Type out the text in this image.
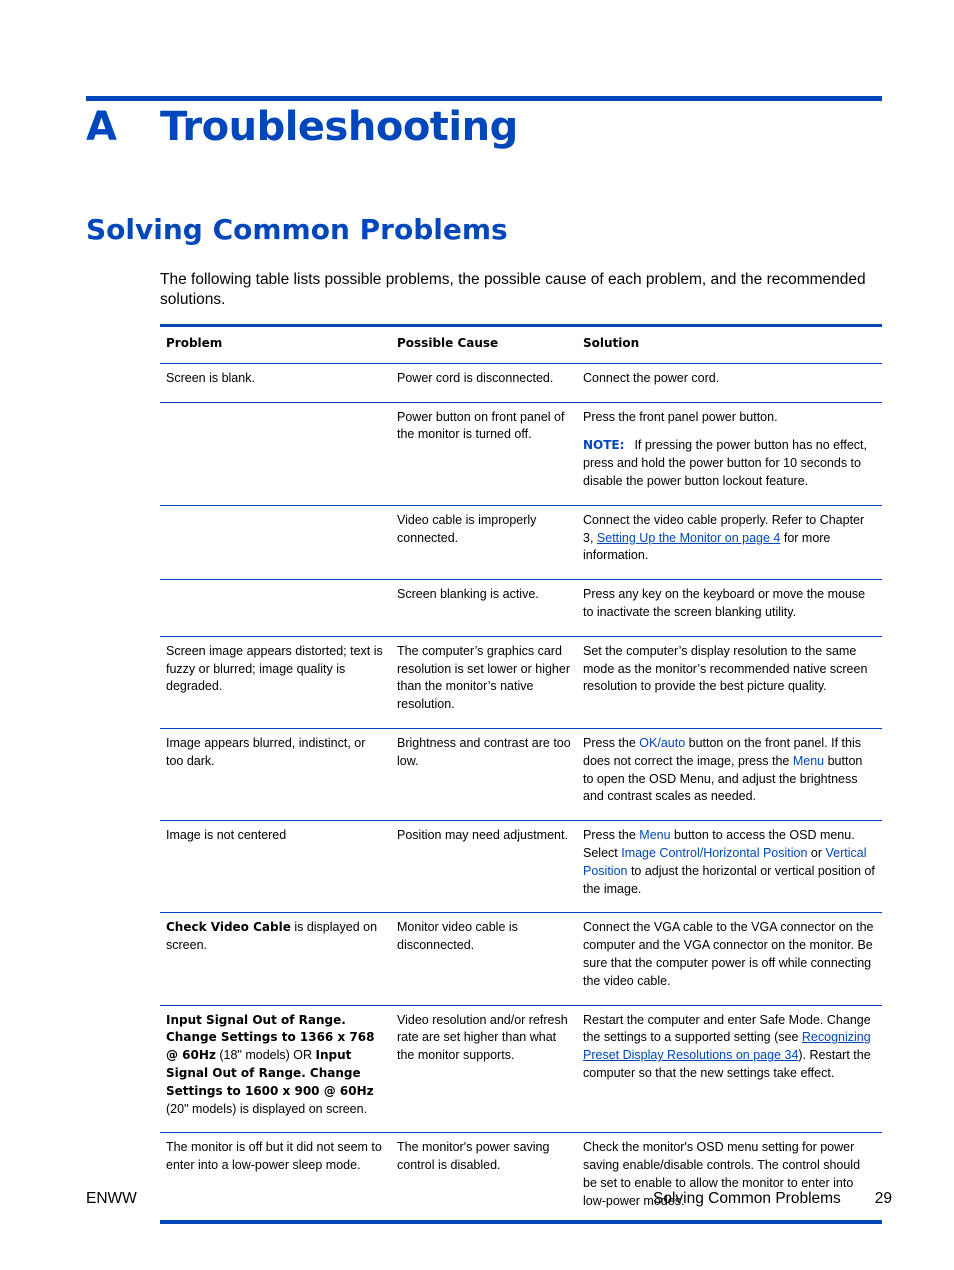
A Troubleshooting
Solving Common Problems

The following table lists possible problems, the possible cause of each problem, and the recommended solutions.

Problem	Possible Cause	Solution
Screen is blank.	Power cord is disconnected.	Connect the power cord.
	Power button on front panel of the monitor is turned off.	Press the front panel power button.
NOTE: If pressing the power button has no effect, press and hold the power button for 10 seconds to disable the power button lockout feature.

	Video cable is improperly connected.	Connect the video cable properly. Refer to Chapter 3, Setting Up the Monitor on page 4 for more information.
	Screen blanking is active.	Press any key on the keyboard or move the mouse to inactivate the screen blanking utility.
Screen image appears distorted; text is fuzzy or blurred; image quality is degraded.	The computer’s graphics card resolution is set lower or higher than the monitor’s native resolution.	Set the computer’s display resolution to the same mode as the monitor’s recommended native screen resolution to provide the best picture quality.
Image appears blurred, indistinct, or too dark.	Brightness and contrast are too low.	Press the OK/auto button on the front panel. If this does not correct the image, press the Menu button to open the OSD Menu, and adjust the brightness and contrast scales as needed.
Image is not centered	Position may need adjustment.	Press the Menu button to access the OSD menu. Select Image Control/Horizontal Position or Vertical Position to adjust the horizontal or vertical position of the image.
Check Video Cable is displayed on screen.	Monitor video cable is disconnected.	Connect the VGA cable to the VGA connector on the computer and the VGA connector on the monitor. Be sure that the computer power is off while connecting the video cable.
Input Signal Out of Range. Change Settings to 1366 x 768 @ 60Hz (18" models) OR Input Signal Out of Range. Change Settings to 1600 x 900 @ 60Hz (20" models) is displayed on screen.	Video resolution and/or refresh rate are set higher than what the monitor supports.	Restart the computer and enter Safe Mode. Change the settings to a supported setting (see Recognizing Preset Display Resolutions on page 34). Restart the computer so that the new settings take effect.
The monitor is off but it did not seem to enter into a low-power sleep mode.	The monitor's power saving control is disabled.	Check the monitor's OSD menu setting for power saving enable/disable controls. The control should be set to enable to allow the monitor to enter into low-power modes.
ENWW	Solving Common Problems 29
